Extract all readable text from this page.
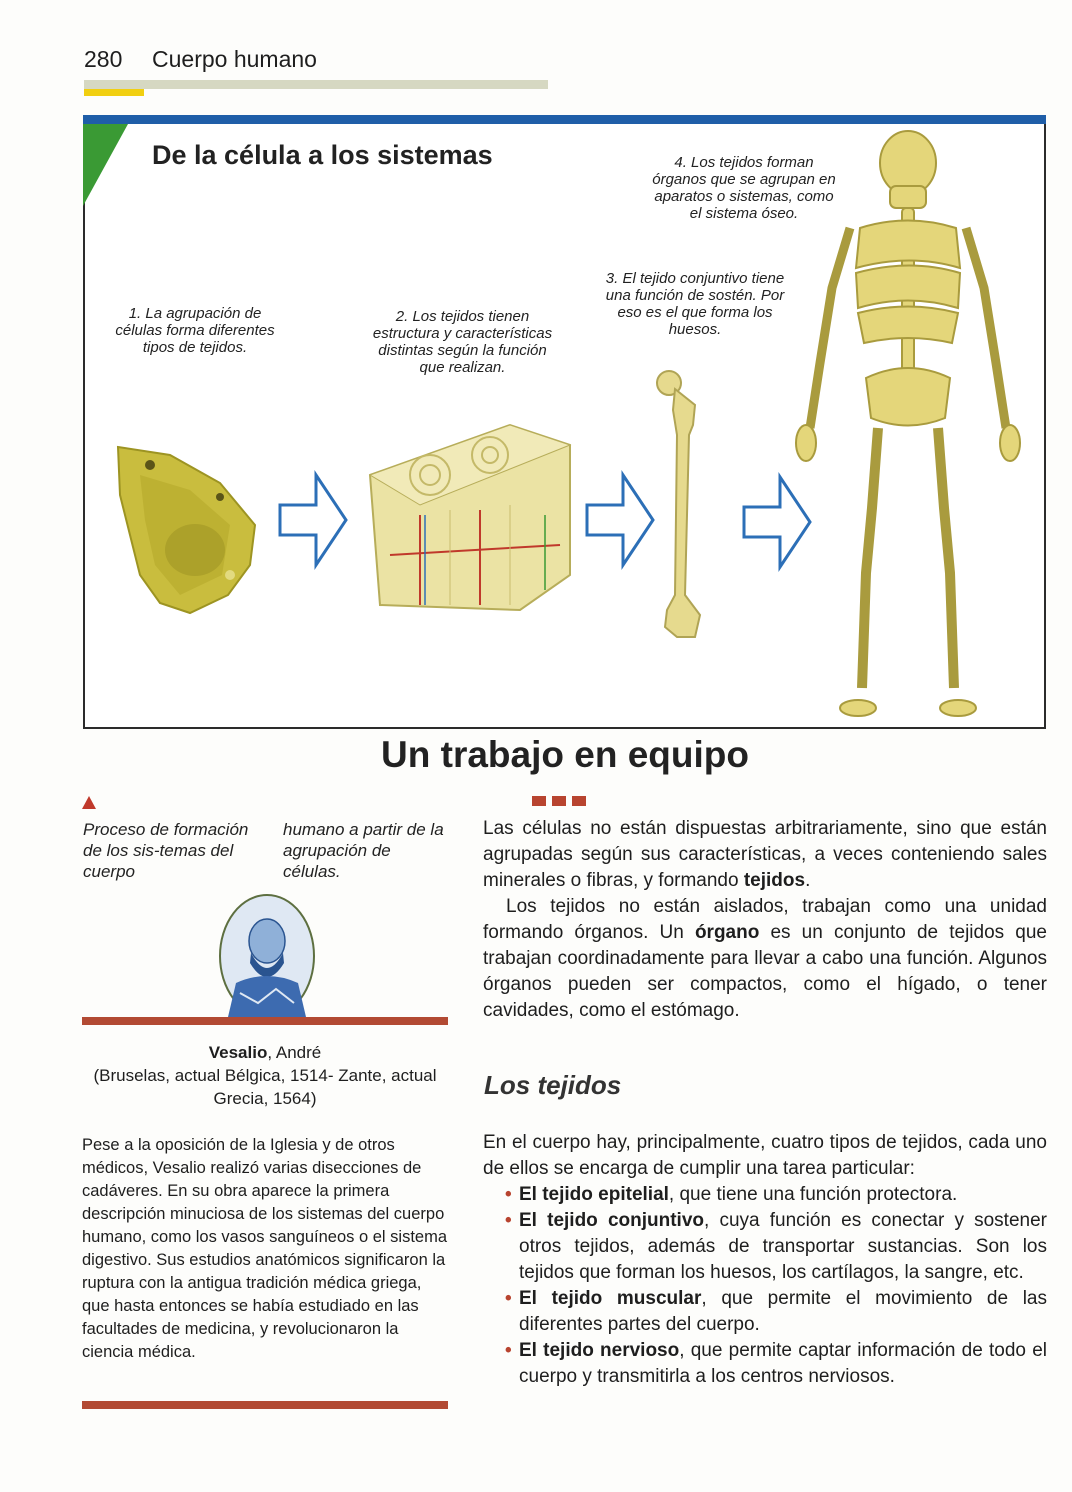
280 Cuerpo humano
De la célula a los sistemas
1. La agrupación de células forma diferentes tipos de tejidos.
2. Los tejidos tienen estructura y características distintas según la función que realizan.
3. El tejido conjuntivo tiene una función de sostén. Por eso es el que forma los huesos.
4. Los tejidos forman órganos que se agrupan en aparatos o sistemas, como el sistema óseo.
Un trabajo en equipo
Proceso de formación de los sis-temas del cuerpo
humano a partir de la agrupación de células.
Vesalio, André
(Bruselas, actual Bélgica, 1514- Zante, actual Grecia, 1564)
Pese a la oposición de la Iglesia y de otros médicos, Vesalio realizó varias disecciones de cadáveres. En su obra aparece la primera descripción minuciosa de los sistemas del cuerpo humano, como los vasos sanguíneos o el sistema digestivo. Sus estudios anatómicos significaron la ruptura con la antigua tradición médica griega, que hasta entonces se había estudiado en las facultades de medicina, y revolucionaron la ciencia médica.

Las células no están dispuestas arbitrariamente, sino que están agrupadas según sus características, a veces conteniendo sales minerales o fibras, y formando tejidos.

Los tejidos no están aislados, trabajan como una unidad formando órganos. Un órgano es un conjunto de tejidos que trabajan coordinadamente para llevar a cabo una función. Algunos órganos pueden ser compactos, como el hígado, o tener cavidades, como el estómago.

Los tejidos

En el cuerpo hay, principalmente, cuatro tipos de tejidos, cada uno de ellos se encarga de cumplir una tarea particular:

• El tejido epitelial, que tiene una función protectora.
• El tejido conjuntivo, cuya función es conectar y sostener otros tejidos, además de transportar sustancias. Son los tejidos que forman los huesos, los cartílagos, la sangre, etc.
• El tejido muscular, que permite el movimiento de las diferentes partes del cuerpo.
• El tejido nervioso, que permite captar información de todo el cuerpo y transmitirla a los centros nerviosos.
